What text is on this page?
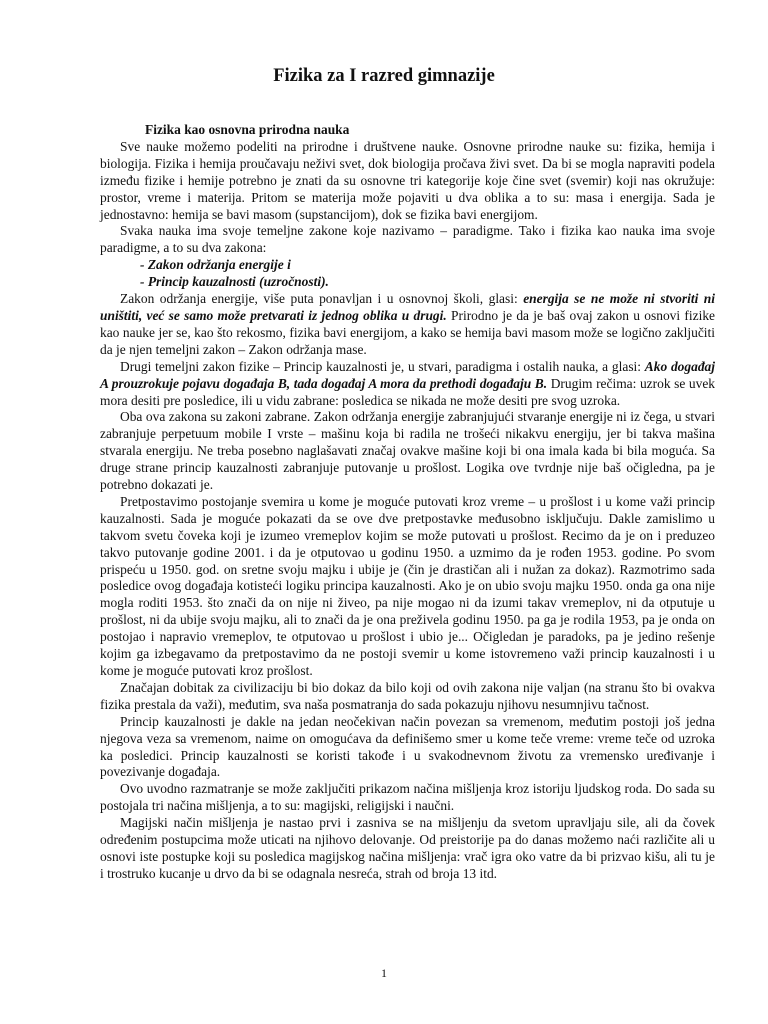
Fizika za I razred gimnazije

Fizika kao osnovna prirodna nauka

Sve nauke možemo podeliti na prirodne i društvene nauke. Osnovne prirodne nauke su: fizika, hemija i biologija. Fizika i hemija proučavaju neživi svet, dok biologija pročava živi svet. Da bi se mogla napraviti podela između fizike i hemije potrebno je znati da su osnovne tri kategorije koje čine svet (svemir) koji nas okružuje: prostor, vreme i materija. Pritom se materija može pojaviti u dva oblika a to su: masa i energija. Sada je jednostavno: hemija se bavi masom (supstancijom), dok se fizika bavi energijom.

Svaka nauka ima svoje temeljne zakone koje nazivamo – paradigme. Tako i fizika kao nauka ima svoje paradigme, a to su dva zakona:

- Zakon održanja energije i

- Princip kauzalnosti (uzročnosti).

Zakon održanja energije, više puta ponavljan i u osnovnoj školi, glasi: energija se ne može ni stvoriti ni uništiti, već se samo može pretvarati iz jednog oblika u drugi. Prirodno je da je baš ovaj zakon u osnovi fizike kao nauke jer se, kao što rekosmo, fizika bavi energijom, a kako se hemija bavi masom može se logično zaključiti da je njen temeljni zakon – Zakon održanja mase.

Drugi temeljni zakon fizike – Princip kauzalnosti je, u stvari, paradigma i ostalih nauka, a glasi: Ako događaj A prouzrokuje pojavu događaja B, tada događaj A mora da prethodi događaju B. Drugim rečima: uzrok se uvek mora desiti pre posledice, ili u vidu zabrane: posledica se nikada ne može desiti pre svog uzroka.

Oba ova zakona su zakoni zabrane. Zakon održanja energije zabranjujući stvaranje energije ni iz čega, u stvari zabranjuje perpetuum mobile I vrste – mašinu koja bi radila ne trošeći nikakvu energiju, jer bi takva mašina stvarala energiju. Ne treba posebno naglašavati značaj ovakve mašine koji bi ona imala kada bi bila moguća. Sa druge strane princip kauzalnosti zabranjuje putovanje u prošlost. Logika ove tvrdnje nije baš očigledna, pa je potrebno dokazati je.

Pretpostavimo postojanje svemira u kome je moguće putovati kroz vreme – u prošlost i u kome važi princip kauzalnosti. Sada je moguće pokazati da se ove dve pretpostavke međusobno isključuju. Dakle zamislimo u takvom svetu čoveka koji je izumeo vremeplov kojim se može putovati u prošlost. Recimo da je on i preduzeo takvo putovanje godine 2001. i da je otputovao u godinu 1950. a uzmimo da je rođen 1953. godine. Po svom prispeću u 1950. god. on sretne svoju majku i ubije je (čin je drastičan ali i nužan za dokaz). Razmotrimo sada posledice ovog događaja kotisteći logiku principa kauzalnosti. Ako je on ubio svoju majku 1950. onda ga ona nije mogla roditi 1953. što znači da on nije ni živeo, pa nije mogao ni da izumi takav vremeplov, ni da otputuje u prošlost, ni da ubije svoju majku, ali to znači da je ona preživela godinu 1950. pa ga je rodila 1953, pa je onda on postojao i napravio vremeplov, te otputovao u prošlost i ubio je... Očigledan je paradoks, pa je jedino rešenje kojim ga izbegavamo da pretpostavimo da ne postoji svemir u kome istovremeno važi princip kauzalnosti i u kome je moguće putovati kroz prošlost.

Značajan dobitak za civilizaciju bi bio dokaz da bilo koji od ovih zakona nije valjan (na stranu što bi ovakva fizika prestala da važi), međutim, sva naša posmatranja do sada pokazuju njihovu nesumnjivu tačnost.

Princip kauzalnosti je dakle na jedan neočekivan način povezan sa vremenom, međutim postoji još jedna njegova veza sa vremenom, naime on omogućava da definišemo smer u kome teče vreme: vreme teče od uzroka ka posledici. Princip kauzalnosti se koristi takođe i u svakodnevnom životu za vremensko uređivanje i povezivanje događaja.

Ovo uvodno razmatranje se može zaključiti prikazom načina mišljenja kroz istoriju ljudskog roda. Do sada su postojala tri načina mišljenja, a to su: magijski, religijski i naučni.

Magijski način mišljenja je nastao prvi i zasniva se na mišljenju da svetom upravljaju sile, ali da čovek određenim postupcima može uticati na njihovo delovanje. Od preistorije pa do danas možemo naći različite ali u osnovi iste postupke koji su posledica magijskog načina mišljenja: vrač igra oko vatre da bi prizvao kišu, ali tu je i trostruko kucanje u drvo da bi se odagnala nesreća, strah od broja 13 itd.

1
